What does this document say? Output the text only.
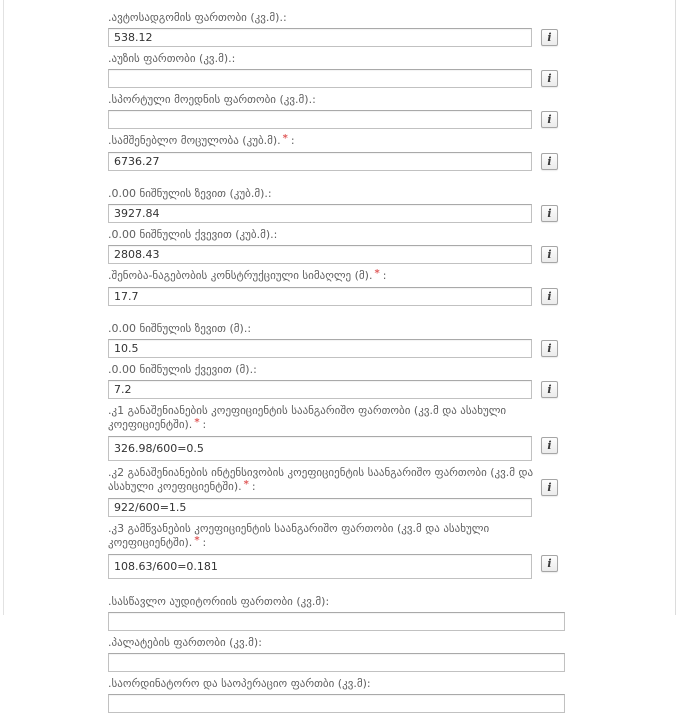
.ავტოსადგომის ფართობი (კვ.მ).:
538.12
i
.აუზის ფართობი (კვ.მ).:
i
.სპორტული მოედნის ფართობი (კვ.მ).:
i
.სამშენებლო მოცულობა (კუბ.მ). * :
6736.27
i
.0.00 ნიშნულის ზევით (კუბ.მ).:
3927.84
i
.0.00 ნიშნულის ქვევით (კუბ.მ).:
2808.43
i
.შენობა-ნაგებობის კონსტრუქციული სიმაღლე (მ). * :
17.7
i
.0.00 ნიშნულის ზევით (მ).:
10.5
i
.0.00 ნიშნულის ქვევით (მ).:
7.2
i
.კ1 განაშენიანების კოეფიციენტის საანგარიშო ფართობი (კვ.მ და ასახული კოეფიციენტში). * :
326.98/600=0.5
i
.კ2 განაშენიანების ინტენსივობის კოეფიციენტის საანგარიშო ფართობი (კვ.მ და ასახული კოეფიციენტში). * :
922/600=1.5	i
.კ3 გამწვანების კოეფიციენტის საანგარიშო ფართობი (კვ.მ და ასახული კოეფიციენტში). * :
108.63/600=0.181
i
.სასწავლო აუდიტორიის ფართობი (კვ.მ):
.პალატების ფართობი (კვ.მ):
.საორდინატორო და საოპერაციო ფართბი (კვ.მ):
